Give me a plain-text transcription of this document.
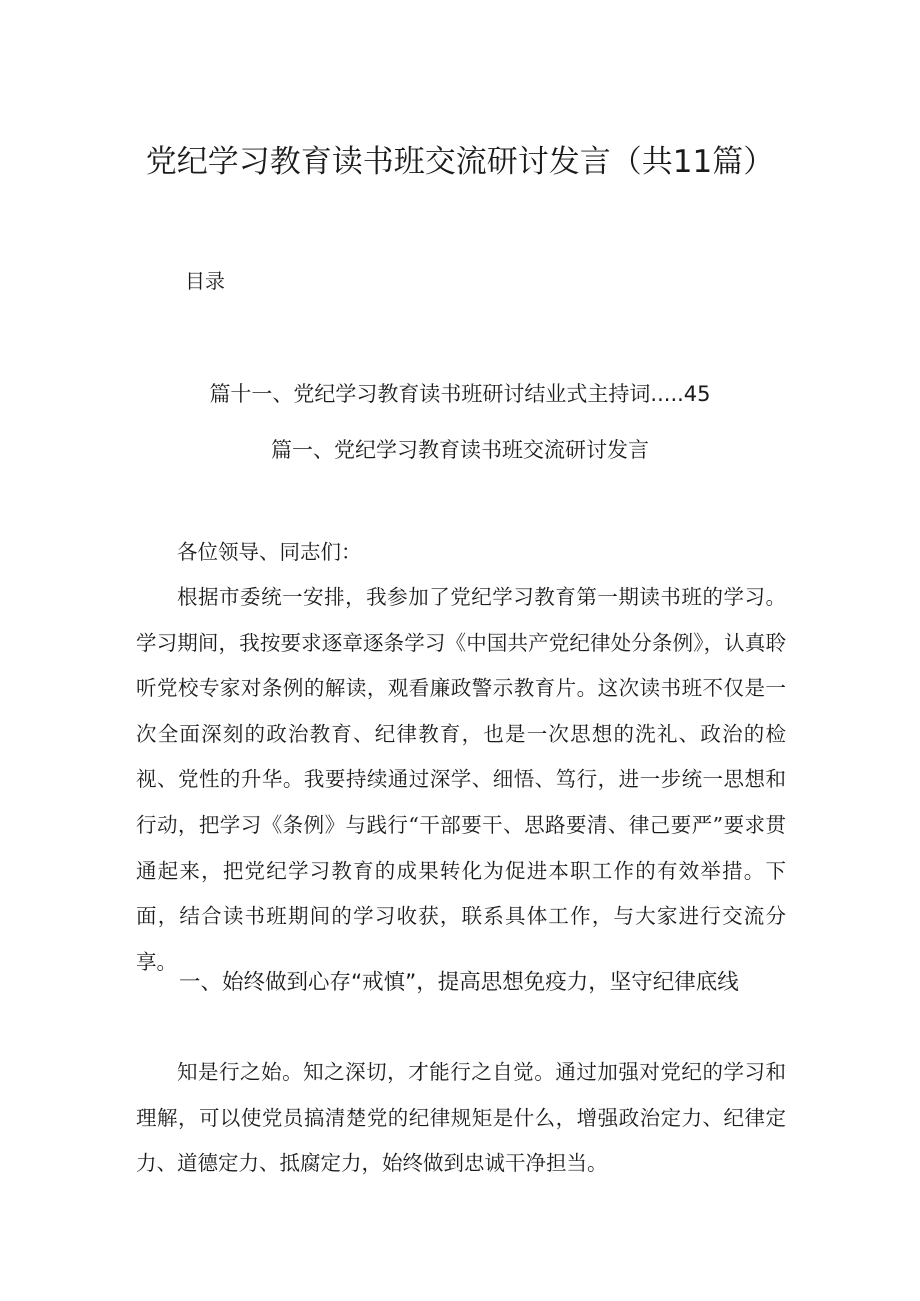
党纪学习教育读书班交流研讨发言（共11篇）
目录
篇十一、党纪学习教育读书班研讨结业式主持词.....45
篇一、党纪学习教育读书班交流研讨发言

各位领导、同志们：

根据市委统一安排，我参加了党纪学习教育第一期读书班的学习。学习期间，我按要求逐章逐条学习《中国共产党纪律处分条例》，认真聆听党校专家对条例的解读，观看廉政警示教育片。这次读书班不仅是一次全面深刻的政治教育、纪律教育，也是一次思想的洗礼、政治的检视、党性的升华。我要持续通过深学、细悟、笃行，进一步统一思想和行动，把学习《条例》与践行“干部要干、思路要清、律己要严”要求贯通起来，把党纪学习教育的成果转化为促进本职工作的有效举措。下面，结合读书班期间的学习收获，联系具体工作，与大家进行交流分享。

一、始终做到心存“戒慎”，提高思想免疫力，坚守纪律底线

知是行之始。知之深切，才能行之自觉。通过加强对党纪的学习和理解，可以使党员搞清楚党的纪律规矩是什么，增强政治定力、纪律定力、道德定力、抵腐定力，始终做到忠诚干净担当。
